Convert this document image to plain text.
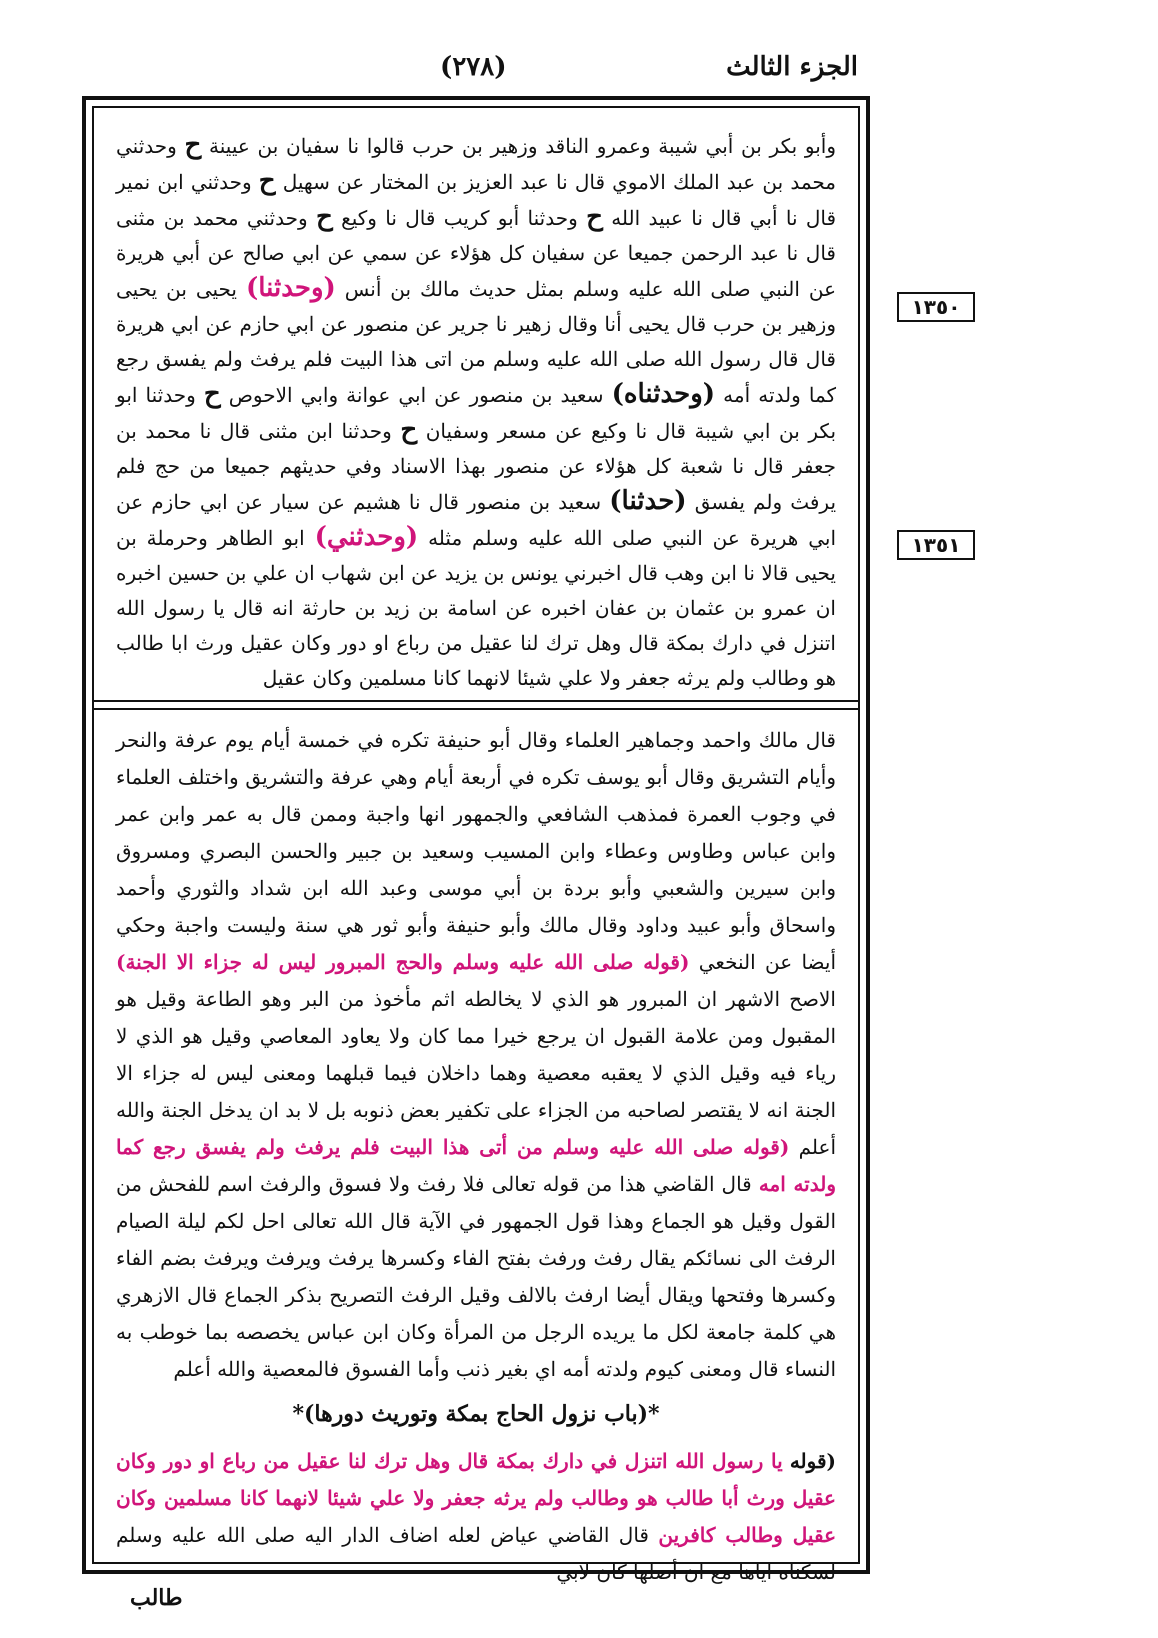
الجزء الثالث
(٢٧٨)
١٣٥٠
١٣٥١

وأبو بكر بن أبي شيبة وعمرو الناقد وزهير بن حرب قالوا نا سفيان بن عيينة ح وحدثني محمد بن عبد الملك الاموي قال نا عبد العزيز بن المختار عن سهيل ح وحدثني ابن نمير قال نا أبي قال نا عبيد الله ح وحدثنا أبو كريب قال نا وكيع ح وحدثني محمد بن مثنى قال نا عبد الرحمن جميعا عن سفيان كل هؤلاء عن سمي عن ابي صالح عن أبي هريرة عن النبي صلى الله عليه وسلم بمثل حديث مالك بن أنس (وحدثنا) يحيى بن يحيى وزهير بن حرب قال يحيى أنا وقال زهير نا جرير عن منصور عن ابي حازم عن ابي هريرة قال قال رسول الله صلى الله عليه وسلم من اتى هذا البيت فلم يرفث ولم يفسق رجع كما ولدته أمه (وحدثناه) سعيد بن منصور عن ابي عوانة وابي الاحوص ح وحدثنا ابو بكر بن ابي شيبة قال نا وكيع عن مسعر وسفيان ح وحدثنا ابن مثنى قال نا محمد بن جعفر قال نا شعبة كل هؤلاء عن منصور بهذا الاسناد وفي حديثهم جميعا من حج فلم يرفث ولم يفسق (حدثنا) سعيد بن منصور قال نا هشيم عن سيار عن ابي حازم عن ابي هريرة عن النبي صلى الله عليه وسلم مثله (وحدثني) ابو الطاهر وحرملة بن يحيى قالا نا ابن وهب قال اخبرني يونس بن يزيد عن ابن شهاب ان علي بن حسين اخبره ان عمرو بن عثمان بن عفان اخبره عن اسامة بن زيد بن حارثة انه قال يا رسول الله اتنزل في دارك بمكة قال وهل ترك لنا عقيل من رباع او دور وكان عقيل ورث ابا طالب هو وطالب ولم يرثه جعفر ولا علي شيئا لانهما كانا مسلمين وكان عقيل

قال مالك واحمد وجماهير العلماء وقال أبو حنيفة تكره في خمسة أيام يوم عرفة والنحر وأيام التشريق وقال أبو يوسف تكره في أربعة أيام وهي عرفة والتشريق واختلف العلماء في وجوب العمرة فمذهب الشافعي والجمهور انها واجبة وممن قال به عمر وابن عمر وابن عباس وطاوس وعطاء وابن المسيب وسعيد بن جبير والحسن البصري ومسروق وابن سيرين والشعبي وأبو بردة بن أبي موسى وعبد الله ابن شداد والثوري وأحمد واسحاق وأبو عبيد وداود وقال مالك وأبو حنيفة وأبو ثور هي سنة وليست واجبة وحكي أيضا عن النخعي (قوله صلى الله عليه وسلم والحج المبرور ليس له جزاء الا الجنة) الاصح الاشهر ان المبرور هو الذي لا يخالطه اثم مأخوذ من البر وهو الطاعة وقيل هو المقبول ومن علامة القبول ان يرجع خيرا مما كان ولا يعاود المعاصي وقيل هو الذي لا رياء فيه وقيل الذي لا يعقبه معصية وهما داخلان فيما قبلهما ومعنى ليس له جزاء الا الجنة انه لا يقتصر لصاحبه من الجزاء على تكفير بعض ذنوبه بل لا بد ان يدخل الجنة والله أعلم (قوله صلى الله عليه وسلم من أتى هذا البيت فلم يرفث ولم يفسق رجع كما ولدته امه قال القاضي هذا من قوله تعالى فلا رفث ولا فسوق والرفث اسم للفحش من القول وقيل هو الجماع وهذا قول الجمهور في الآية قال الله تعالى احل لكم ليلة الصيام الرفث الى نسائكم يقال رفث ورفث بفتح الفاء وكسرها يرفث ويرفث ويرفث بضم الفاء وكسرها وفتحها ويقال أيضا ارفث بالالف وقيل الرفث التصريح بذكر الجماع قال الازهري هي كلمة جامعة لكل ما يريده الرجل من المرأة وكان ابن عباس يخصصه بما خوطب به النساء قال ومعنى كيوم ولدته أمه اي بغير ذنب وأما الفسوق فالمعصية والله أعلم

*(باب نزول الحاج بمكة وتوريث دورها)*

(قوله يا رسول الله اتنزل في دارك بمكة قال وهل ترك لنا عقيل من رباع او دور وكان عقيل ورث أبا طالب هو وطالب ولم يرثه جعفر ولا علي شيئا لانهما كانا مسلمين وكان عقيل وطالب كافرين قال القاضي عياض لعله اضاف الدار اليه صلى الله عليه وسلم لسكناه اياها مع ان أصلها كان لابي

طالب
